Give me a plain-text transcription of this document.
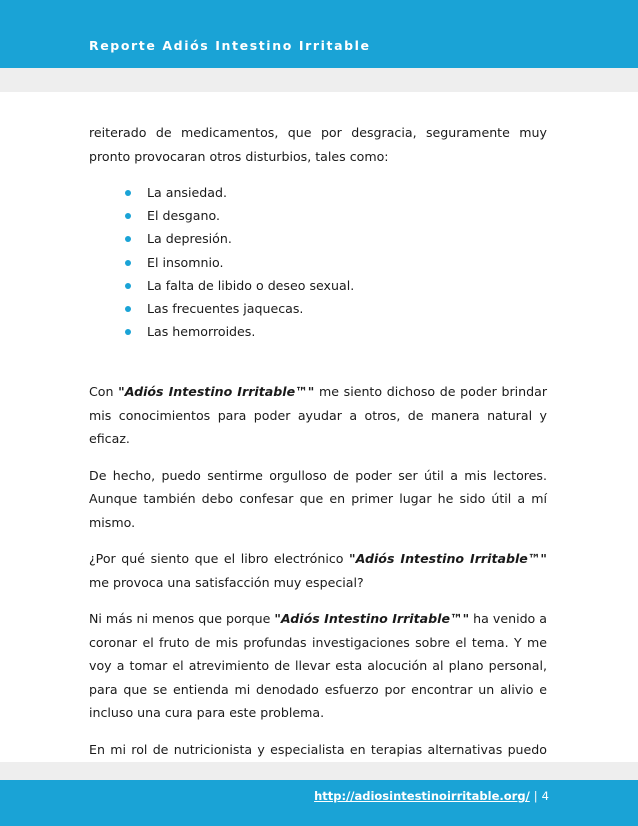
Reporte Adiós Intestino Irritable

reiterado de medicamentos, que por desgracia, seguramente muy pronto provocaran otros disturbios, tales como:

La ansiedad.
El desgano.
La depresión.
El insomnio.
La falta de libido o deseo sexual.
Las frecuentes jaquecas.
Las hemorroides.

Con "Adiós Intestino Irritable™" me siento dichoso de poder brindar mis conocimientos para poder ayudar a otros, de manera natural y eficaz.

De hecho, puedo sentirme orgulloso de poder ser útil a mis lectores. Aunque también debo confesar que en primer lugar he sido útil a mí mismo.

¿Por qué siento que el libro electrónico "Adiós Intestino Irritable™" me provoca una satisfacción muy especial?

Ni más ni menos que porque "Adiós Intestino Irritable™" ha venido a coronar el fruto de mis profundas investigaciones sobre el tema. Y me voy a tomar el atrevimiento de llevar esta alocución al plano personal, para que se entienda mi denodado esfuerzo por encontrar un alivio e incluso una cura para este problema.

En mi rol de nutricionista y especialista en terapias alternativas puedo

http://adiosintestinoirritable.org/ | 4
